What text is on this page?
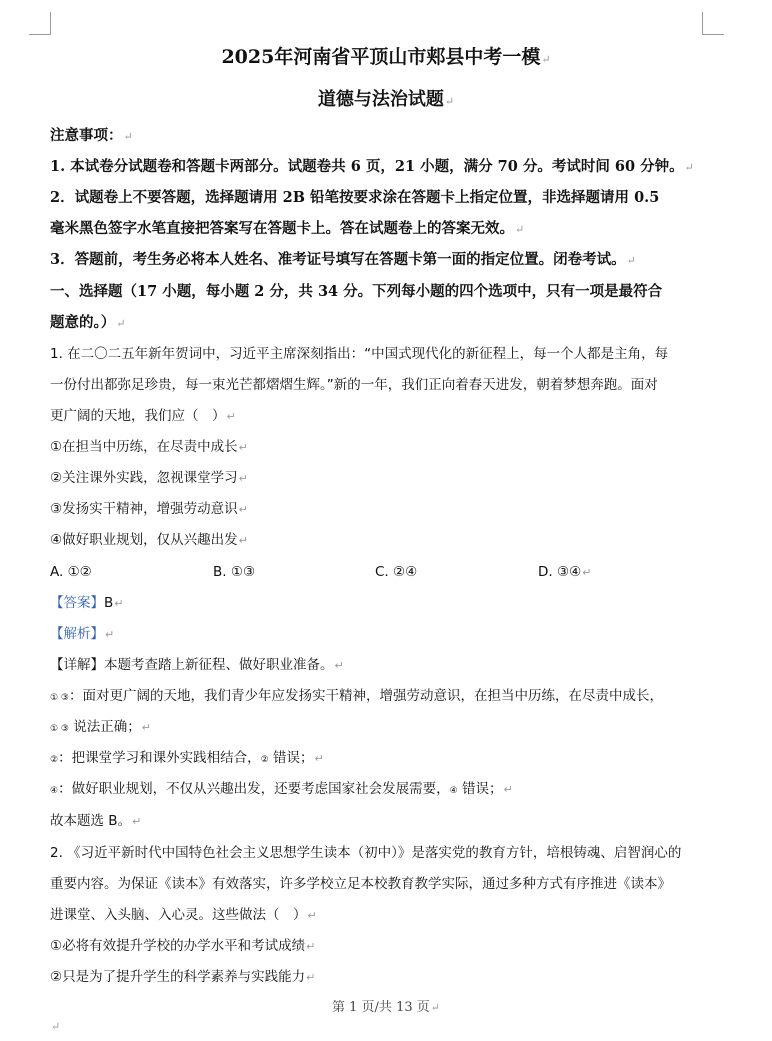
2025年河南省平顶山市郏县中考一模↵
道德与法治试题↵
注意事项：↵
1. 本试卷分试题卷和答题卡两部分。试题卷共 6 页，21 小题，满分 70 分。考试时间 60 分钟。↵
2．试题卷上不要答题，选择题请用 2B 铅笔按要求涂在答题卡上指定位置，非选择题请用 0.5
毫米黑色签字水笔直接把答案写在答题卡上。答在试题卷上的答案无效。↵
3．答题前，考生务必将本人姓名、准考证号填写在答题卡第一面的指定位置。闭卷考试。↵
一、选择题（17 小题，每小题 2 分，共 34 分。下列每小题的四个选项中，只有一项是最符合
题意的。）↵
1. 在二〇二五年新年贺词中，习近平主席深刻指出：“中国式现代化的新征程上，每一个人都是主角，每
一份付出都弥足珍贵，每一束光芒都熠熠生辉。”新的一年，我们正向着春天进发，朝着梦想奔跑。面对
更广阔的天地，我们应（　）↵
①在担当中历练，在尽责中成长↵
②关注课外实践，忽视课堂学习↵
③发扬实干精神，增强劳动意识↵
④做好职业规划，仅从兴趣出发↵
A. ①②	B. ①③	C. ②④	D. ③④↵
【答案】B↵
【解析】↵
【详解】本题考查踏上新征程、做好职业准备。↵
① ③：面对更广阔的天地，我们青少年应发扬实干精神，增强劳动意识，在担当中历练，在尽责中成长，
① ③ 说法正确；↵
②：把课堂学习和课外实践相结合，② 错误；↵
④：做好职业规划，不仅从兴趣出发，还要考虑国家社会发展需要，④ 错误；↵
故本题选 B。↵
2. 《习近平新时代中国特色社会主义思想学生读本（初中）》是落实党的教育方针，培根铸魂、启智润心的
重要内容。为保证《读本》有效落实，许多学校立足本校教育教学实际，通过多种方式有序推进《读本》
进课堂、入头脑、入心灵。这些做法（　）↵
①必将有效提升学校的办学水平和考试成绩↵
②只是为了提升学生的科学素养与实践能力↵
第 1 页/共 13 页↵
↵
